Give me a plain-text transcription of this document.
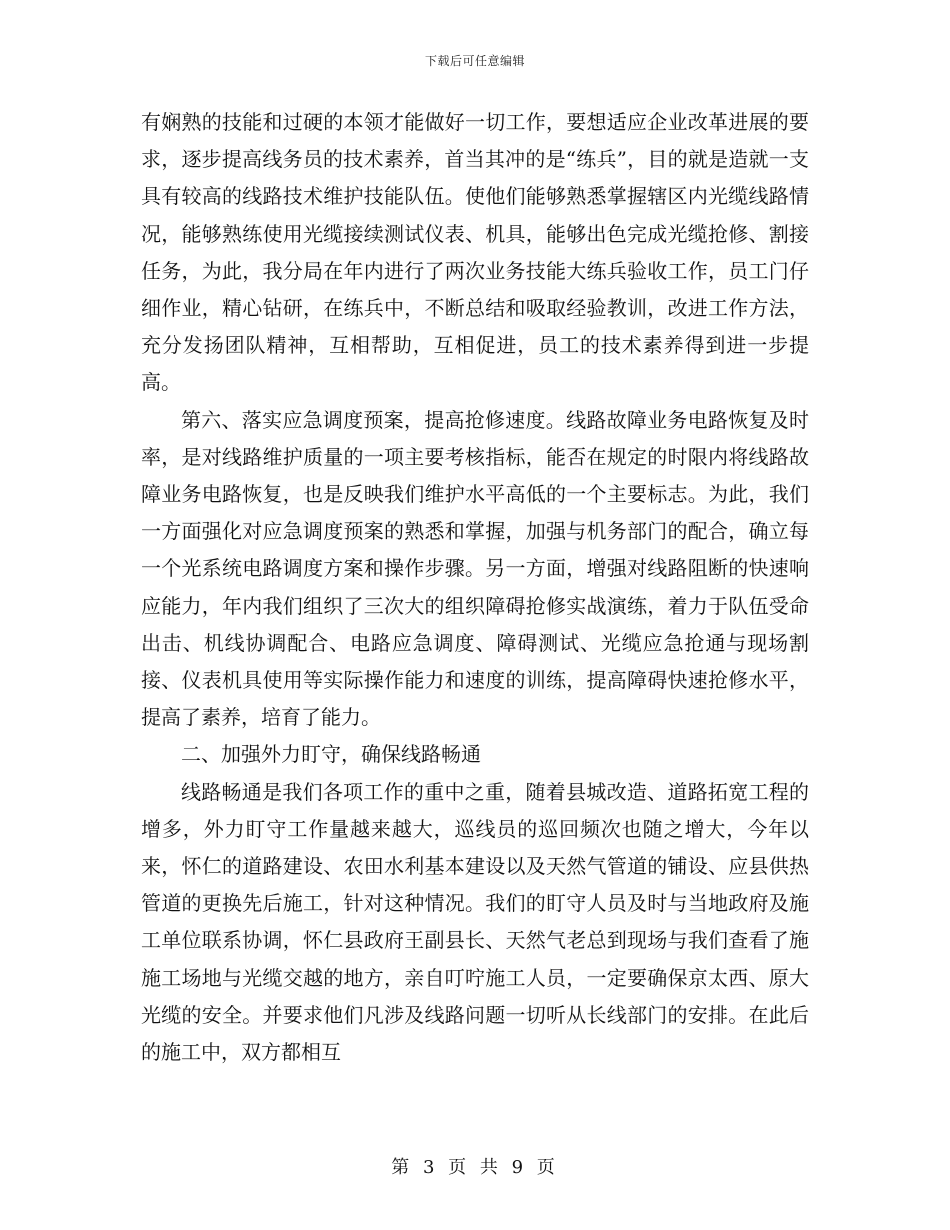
下载后可任意编辑

有娴熟的技能和过硬的本领才能做好一切工作，要想适应企业改革进展的要求，逐步提高线务员的技术素养，首当其冲的是“练兵”，目的就是造就一支具有较高的线路技术维护技能队伍。使他们能够熟悉掌握辖区内光缆线路情况，能够熟练使用光缆接续测试仪表、机具，能够出色完成光缆抢修、割接任务，为此，我分局在年内进行了两次业务技能大练兵验收工作，员工门仔细作业，精心钻研，在练兵中，不断总结和吸取经验教训，改进工作方法，充分发扬团队精神，互相帮助，互相促进，员工的技术素养得到进一步提高。

第六、落实应急调度预案，提高抢修速度。线路故障业务电路恢复及时率，是对线路维护质量的一项主要考核指标，能否在规定的时限内将线路故障业务电路恢复，也是反映我们维护水平高低的一个主要标志。为此，我们一方面强化对应急调度预案的熟悉和掌握，加强与机务部门的配合，确立每一个光系统电路调度方案和操作步骤。另一方面，增强对线路阻断的快速响应能力，年内我们组织了三次大的组织障碍抢修实战演练，着力于队伍受命出击、机线协调配合、电路应急调度、障碍测试、光缆应急抢通与现场割接、仪表机具使用等实际操作能力和速度的训练，提高障碍快速抢修水平，提高了素养，培育了能力。

二、加强外力盯守，确保线路畅通

线路畅通是我们各项工作的重中之重，随着县城改造、道路拓宽工程的增多，外力盯守工作量越来越大，巡线员的巡回频次也随之增大，今年以来，怀仁的道路建设、农田水利基本建设以及天然气管道的铺设、应县供热管道的更换先后施工，针对这种情况。我们的盯守人员及时与当地政府及施工单位联系协调，怀仁县政府王副县长、天然气老总到现场与我们查看了施施工场地与光缆交越的地方，亲自叮咛施工人员，一定要确保京太西、原大光缆的安全。并要求他们凡涉及线路问题一切听从长线部门的安排。在此后的施工中，双方都相互

第 3 页 共 9 页
